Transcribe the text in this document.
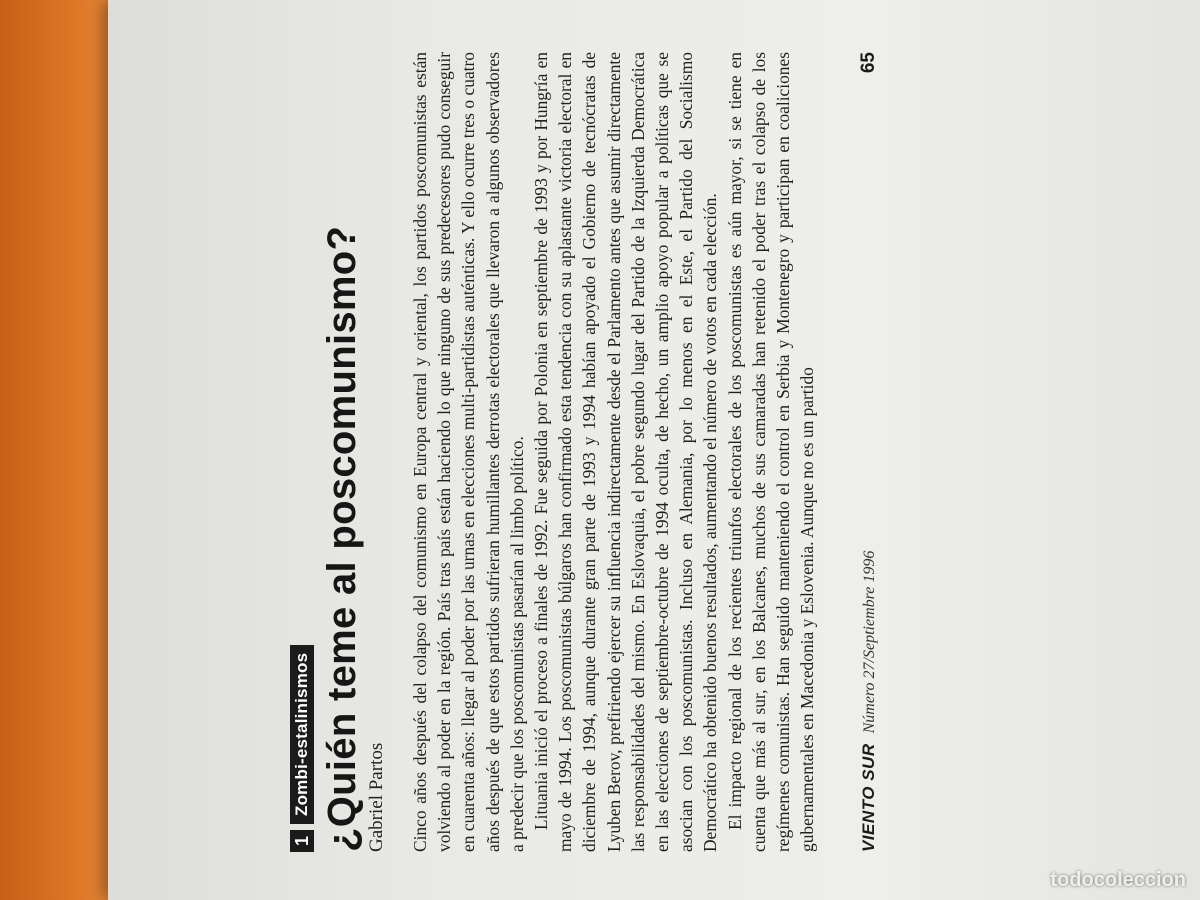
1
Zombi-estalinismos ¿Quién teme al poscomunismo? Gabriel Partos Cinco años después del colapso del comunismo en Europa central y oriental, los partidos poscomunistas están volviendo al poder en la región. País tras país están haciendo lo que ninguno de sus predecesores pudo conseguir en cuarenta años: llegar al poder por las urnas en elecciones multi-partidistas auténticas. Y ello ocurre tres o cuatro años después de que estos partidos sufrieran humillantes derrotas electorales que llevaron a algunos observadores a predecir que los poscomunistas pasarían al limbo político. Lituania inició el proceso a finales de 1992. Fue seguida por Polonia en septiembre de 1993 y por Hungría en mayo de 1994. Los poscomunistas búlgaros han confirmado esta tendencia con su aplastante victoria electoral en diciembre de 1994, aunque durante gran parte de 1993 y 1994 habían apoyado el Gobierno de tecnócratas de Lyuben Berov, prefiriendo ejercer su influencia indirectamente desde el Parlamento antes que asumir directamente las responsabilidades del mismo. En Eslovaquia, el pobre segundo lugar del Partido de la Izquierda Democrática en las elecciones de septiembre-octubre de 1994 oculta, de hecho, un amplio apoyo popular a políticas que se asocian con los poscomunistas. Incluso en Alemania, por lo menos en el Este, el Partido del Socialismo Democrático ha obtenido buenos resultados, aumentando el número de votos en cada elección. El impacto regional de los recientes triunfos electorales de los poscomunistas es aún mayor, si se tiene en cuenta que más al sur, en los Balcanes, muchos de sus camaradas han retenido el poder tras el colapso de los regímenes comunistas. Han seguido manteniendo el control en Serbia y Montenegro y participan en coaliciones gubernamentales en Macedonia y Eslovenia. Aunque no es un partido VIENTO SUR
Número 27/Septiembre 1996
65
todocoleccion
